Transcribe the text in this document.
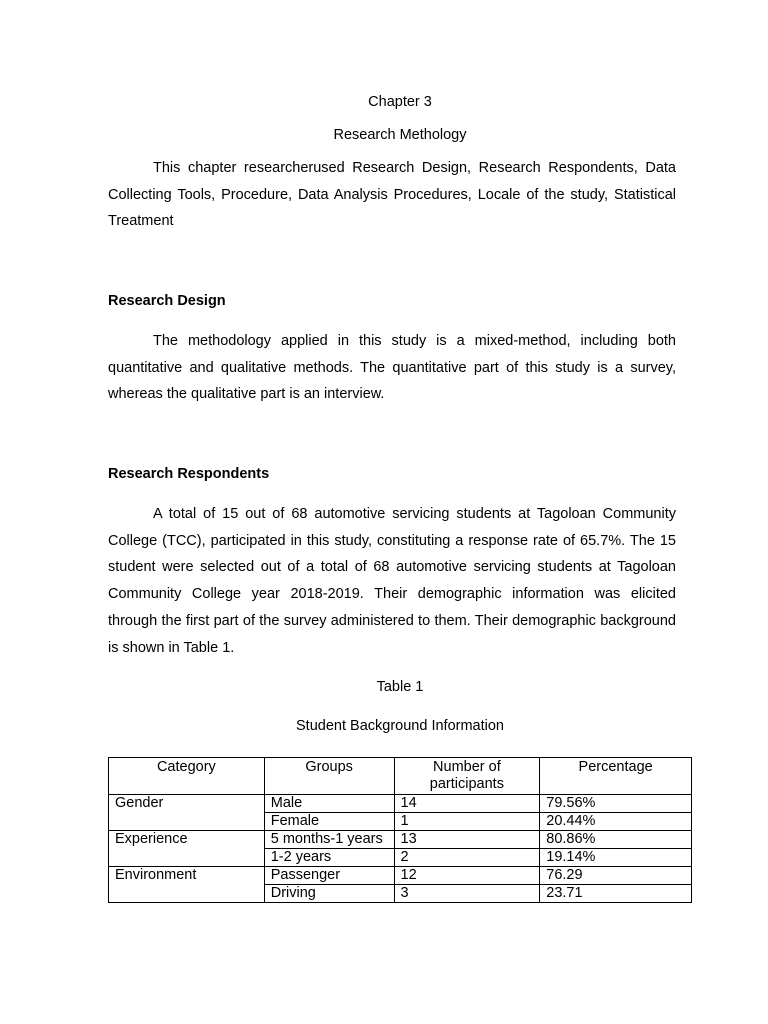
Chapter 3
Research Methology

This chapter researcherused Research Design, Research Respondents, Data Collecting Tools, Procedure, Data Analysis Procedures, Locale of the study, Statistical Treatment

Research Design

The methodology applied in this study is a mixed-method, including both quantitative and qualitative methods. The quantitative part of this study is a survey, whereas the qualitative part is an interview.

Research Respondents

A total of 15 out of 68 automotive servicing students at Tagoloan Community College (TCC), participated in this study, constituting a response rate of 65.7%. The 15 student were selected out of a total of 68 automotive servicing students at Tagoloan Community College year 2018-2019. Their demographic information was elicited through the first part of the survey administered to them. Their demographic background is shown in Table 1.

Table 1
Student Background Information
Category	Groups	Number of participants	Percentage
Gender	Male	14	79.56%
	Female	1	20.44%
Experience	5 months-1 years	13	80.86%
	1-2 years	2	19.14%
Environment	Passenger	12	76.29
	Driving	3	23.71
